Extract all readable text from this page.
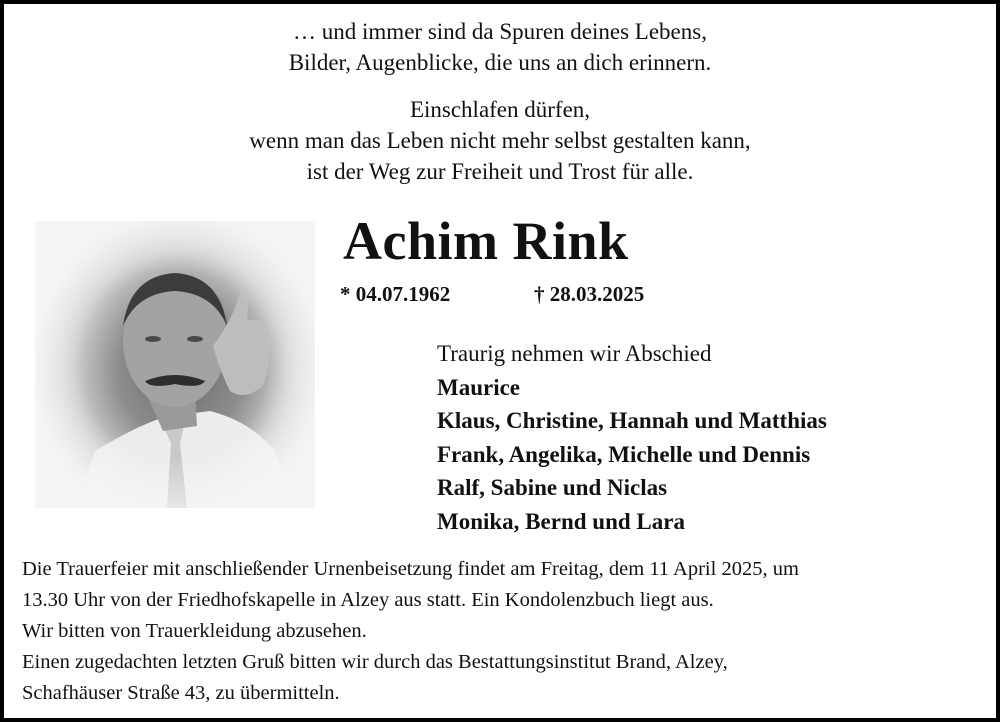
… und immer sind da Spuren deines Lebens,
Bilder, Augenblicke, die uns an dich erinnern.
Einschlafen dürfen,
wenn man das Leben nicht mehr selbst gestalten kann,
ist der Weg zur Freiheit und Trost für alle.
Achim Rink
* 04.07.1962	† 28.03.2025
Traurig nehmen wir Abschied
Maurice
Klaus, Christine, Hannah und Matthias
Frank, Angelika, Michelle und Dennis
Ralf, Sabine und Niclas
Monika, Bernd und Lara
Die Trauerfeier mit anschließender Urnenbeisetzung findet am Freitag, dem 11 April 2025, um
13.30 Uhr von der Friedhofskapelle in Alzey aus statt. Ein Kondolenzbuch liegt aus.
Wir bitten von Trauerkleidung abzusehen.
Einen zugedachten letzten Gruß bitten wir durch das Bestattungsinstitut Brand, Alzey,
Schafhäuser Straße 43, zu übermitteln.
